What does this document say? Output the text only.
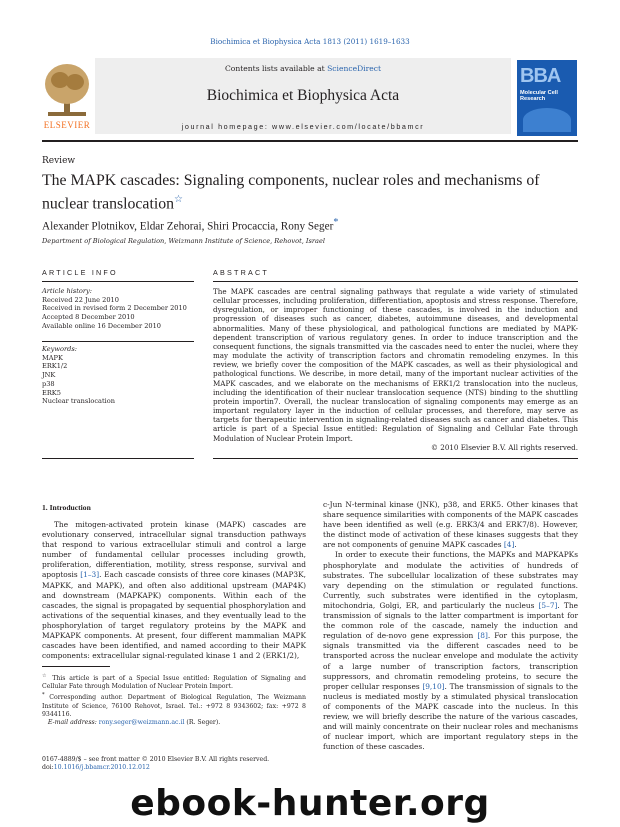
Biochimica et Biophysica Acta 1813 (2011) 1619–1633
ELSEVIER
Contents lists available at ScienceDirect
Biochimica et Biophysica Acta
journal homepage: www.elsevier.com/locate/bbamcr
BBA
Molecular Cell Research
Review
The MAPK cascades: Signaling components, nuclear roles and mechanisms of nuclear translocation☆
Alexander Plotnikov, Eldar Zehorai, Shiri Procaccia, Rony Seger*
Department of Biological Regulation, Weizmann Institute of Science, Rehovot, Israel
ARTICLE INFO	ABSTRACT
Article history:
Received 22 June 2010
Received in revised form 2 December 2010
Accepted 8 December 2010
Available online 16 December 2010
Keywords:
MAPK
ERK1/2
JNK
p38
ERK5
Nuclear translocation

The MAPK cascades are central signaling pathways that regulate a wide variety of stimulated cellular processes, including proliferation, differentiation, apoptosis and stress response. Therefore, dysregulation, or improper functioning of these cascades, is involved in the induction and progression of diseases such as cancer, diabetes, autoimmune diseases, and developmental abnormalities. Many of these physiological, and pathological functions are mediated by MAPK-dependent transcription of various regulatory genes. In order to induce transcription and the consequent functions, the signals transmitted via the cascades need to enter the nuclei, where they may modulate the activity of transcription factors and chromatin remodeling enzymes. In this review, we briefly cover the composition of the MAPK cascades, as well as their physiological and pathological functions. We describe, in more detail, many of the important nuclear activities of the MAPK cascades, and we elaborate on the mechanisms of ERK1/2 translocation into the nucleus, including the identification of their nuclear translocation sequence (NTS) binding to the shuttling protein importin7. Overall, the nuclear translocation of signaling components may emerge as an important regulatory layer in the induction of cellular processes, and therefore, may serve as targets for therapeutic intervention in signaling-related diseases such as cancer and diabetes. This article is part of a Special Issue entitled: Regulation of Signaling and Cellular Fate through Modulation of Nuclear Protein Import.

© 2010 Elsevier B.V. All rights reserved.

1. Introduction

The mitogen-activated protein kinase (MAPK) cascades are evolutionary conserved, intracellular signal transduction pathways that respond to various extracellular stimuli and control a large number of fundamental cellular processes including growth, proliferation, differentiation, motility, stress response, survival and apoptosis [1–3]. Each cascade consists of three core kinases (MAP3K, MAPKK, and MAPK), and often also additional upstream (MAP4K) and downstream (MAPKAPK) components. Within each of the cascades, the signal is propagated by sequential phosphorylation and activations of the sequential kinases, and they eventually lead to the phosphorylation of target regulatory proteins by the MAPK and MAPKAPK components. At present, four different mammalian MAPK cascades have been identified, and named according to their MAPK components: extracellular signal-regulated kinase 1 and 2 (ERK1/2),

c-Jun N-terminal kinase (JNK), p38, and ERK5. Other kinases that share sequence similarities with components of the MAPK cascades have been identified as well (e.g. ERK3/4 and ERK7/8). However, the distinct mode of activation of these kinases suggests that they are not components of genuine MAPK cascades [4].

In order to execute their functions, the MAPKs and MAPKAPKs phosphorylate and modulate the activities of hundreds of substrates. The subcellular localization of these substrates may vary depending on the stimulation or regulated functions. Currently, such substrates were identified in the cytoplasm, mitochondria, Golgi, ER, and particularly the nucleus [5–7]. The transmission of signals to the latter compartment is important for the common role of the cascade, namely the induction and regulation of de-novo gene expression [8]. For this purpose, the signals transmitted via the different cascades need to be transported across the nuclear envelope and modulate the activity of a large number of transcription factors, transcription suppressors, and chromatin remodeling proteins, to secure the proper cellular responses [9,10]. The transmission of signals to the nucleus is mediated mostly by a stimulated physical translocation of components of the MAPK cascade into the nucleus. In this review, we will briefly describe the nature of the various cascades, and will mainly concentrate on their nuclear roles and mechanisms of nuclear import, which are important regulatory steps in the function of these cascades.

☆ This article is part of a Special Issue entitled: Regulation of Signaling and Cellular Fate through Modulation of Nuclear Protein Import.

* Corresponding author. Department of Biological Regulation, The Weizmann Institute of Science, 76100 Rehovot, Israel. Tel.: +972 8 9343602; fax: +972 8 9344116.

E-mail address: rony.seger@weizmann.ac.il (R. Seger).

0167-4889/$ – see front matter © 2010 Elsevier B.V. All rights reserved.
doi:10.1016/j.bbamcr.2010.12.012
ebook-hunter.org
